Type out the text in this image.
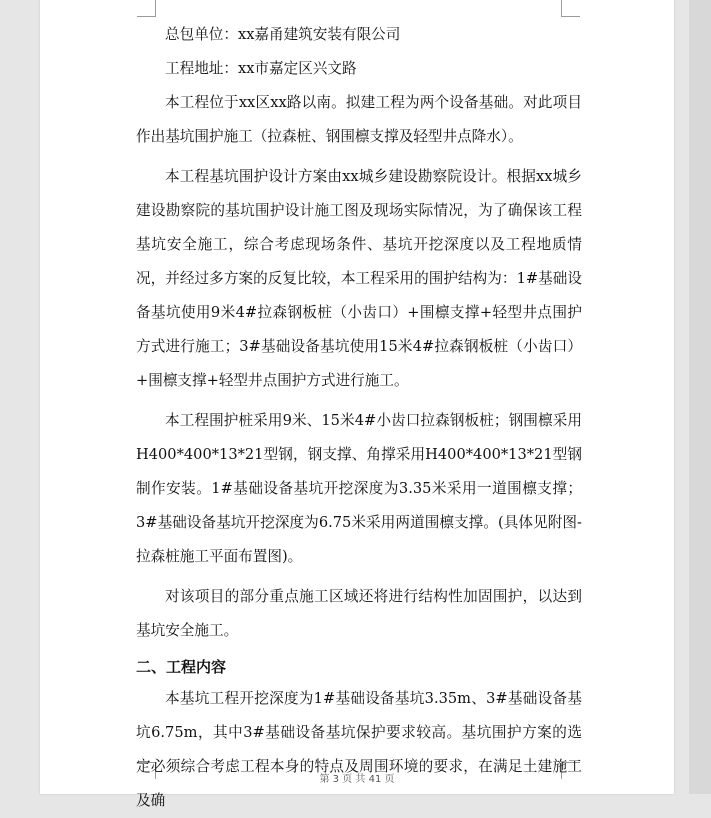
总包单位：xx嘉甬建筑安装有限公司

工程地址：xx市嘉定区兴文路

本工程位于xx区xx路以南。拟建工程为两个设备基础。对此项目作出基坑围护施工（拉森桩、钢围檩支撑及轻型井点降水）。

本工程基坑围护设计方案由xx城乡建设勘察院设计。根据xx城乡建设勘察院的基坑围护设计施工图及现场实际情况，为了确保该工程基坑安全施工，综合考虑现场条件、基坑开挖深度以及工程地质情况，并经过多方案的反复比较，本工程采用的围护结构为：1#基础设备基坑使用9米4#拉森钢板桩（小齿口）+围檩支撑+轻型井点围护方式进行施工；3#基础设备基坑使用15米4#拉森钢板桩（小齿口）+围檩支撑+轻型井点围护方式进行施工。

本工程围护桩采用9米、15米4#小齿口拉森钢板桩；钢围檩采用H400*400*13*21型钢，钢支撑、角撑采用H400*400*13*21型钢制作安装。1#基础设备基坑开挖深度为3.35米采用一道围檩支撑；3#基础设备基坑开挖深度为6.75米采用两道围檩支撑。(具体见附图-拉森桩施工平面布置图)。

对该项目的部分重点施工区域还将进行结构性加固围护，以达到基坑安全施工。

二、工程内容

本基坑工程开挖深度为1#基础设备基坑3.35m、3#基础设备基坑6.75m，其中3#基础设备基坑保护要求较高。基坑围护方案的选定必须综合考虑工程本身的特点及周围环境的要求，在满足土建施工及确

第 3 页 共 41 页
